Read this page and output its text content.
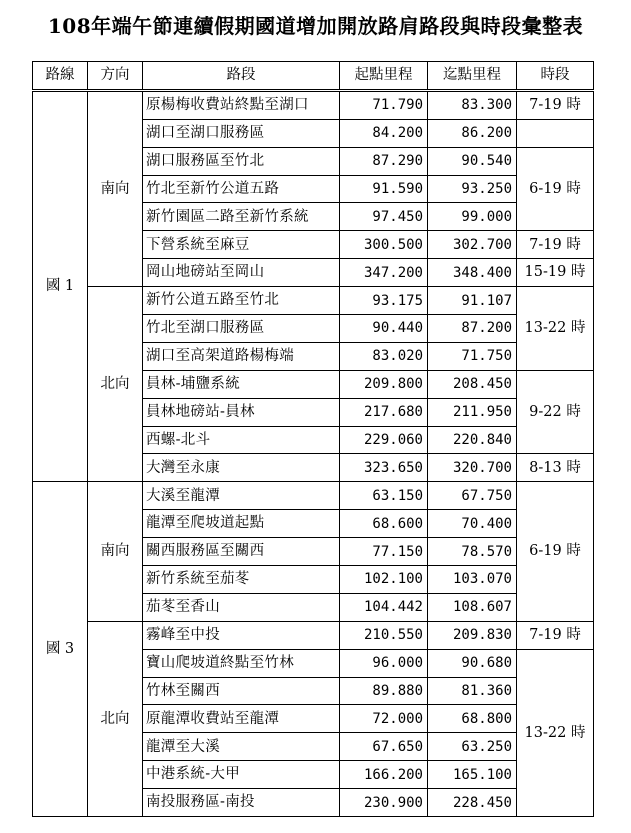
108年端午節連續假期國道增加開放路肩路段與時段彙整表
路線	方向	路段	起點里程	迄點里程	時段
國 1	南向	原楊梅收費站終點至湖口	71.790	83.300	7-19 時
		湖口至湖口服務區	84.200	86.200	
		湖口服務區至竹北	87.290	90.540	6-19 時
		竹北至新竹公道五路	91.590	93.250	
		新竹園區二路至新竹系統	97.450	99.000	
		下營系統至麻豆	300.500	302.700	7-19 時
		岡山地磅站至岡山	347.200	348.400	15-19 時
	北向	新竹公道五路至竹北	93.175	91.107	13-22 時
		竹北至湖口服務區	90.440	87.200	
		湖口至高架道路楊梅端	83.020	71.750	
		員林-埔鹽系統	209.800	208.450	9-22 時
		員林地磅站-員林	217.680	211.950	
		西螺-北斗	229.060	220.840	
		大灣至永康	323.650	320.700	8-13 時
國 3	南向	大溪至龍潭	63.150	67.750	6-19 時
		龍潭至爬坡道起點	68.600	70.400	
		關西服務區至關西	77.150	78.570	
		新竹系統至茄苳	102.100	103.070	
		茄苳至香山	104.442	108.607	
	北向	霧峰至中投	210.550	209.830	7-19 時
		寶山爬坡道終點至竹林	96.000	90.680	13-22 時
		竹林至關西	89.880	81.360	
		原龍潭收費站至龍潭	72.000	68.800	
		龍潭至大溪	67.650	63.250	
		中港系統-大甲	166.200	165.100	
		南投服務區-南投	230.900	228.450	
